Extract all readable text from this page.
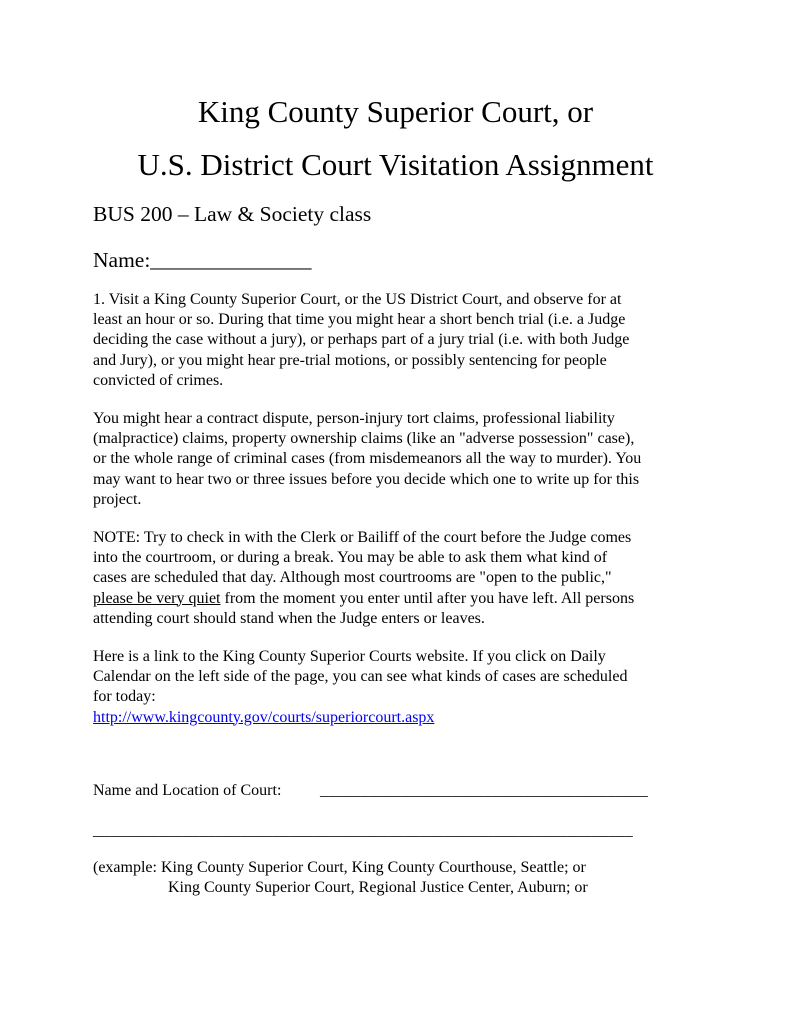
King County Superior Court, or
U.S. District Court Visitation Assignment
BUS 200 – Law & Society class
Name:_______________
1. Visit a King County Superior Court, or the US District Court, and observe for at
least an hour or so. During that time you might hear a short bench trial (i.e. a Judge
deciding the case without a jury), or perhaps part of a jury trial (i.e. with both Judge
and Jury), or you might hear pre-trial motions, or possibly sentencing for people
convicted of crimes.
You might hear a contract dispute, person-injury tort claims, professional liability
(malpractice) claims, property ownership claims (like an "adverse possession" case),
or the whole range of criminal cases (from misdemeanors all the way to murder). You
may want to hear two or three issues before you decide which one to write up for this
project.
NOTE: Try to check in with the Clerk or Bailiff of the court before the Judge comes
into the courtroom, or during a break. You may be able to ask them what kind of
cases are scheduled that day. Although most courtrooms are "open to the public,"
please be very quiet from the moment you enter until after you have left. All persons
attending court should stand when the Judge enters or leaves.
Here is a link to the King County Superior Courts website. If you click on Daily
Calendar on the left side of the page, you can see what kinds of cases are scheduled
for today:
http://www.kingcounty.gov/courts/superiorcourt.aspx
Name and Location of Court: ________________________________________
__________________________________________________________________
(example: King County Superior Court, King County Courthouse, Seattle; or
King County Superior Court, Regional Justice Center, Auburn; or
